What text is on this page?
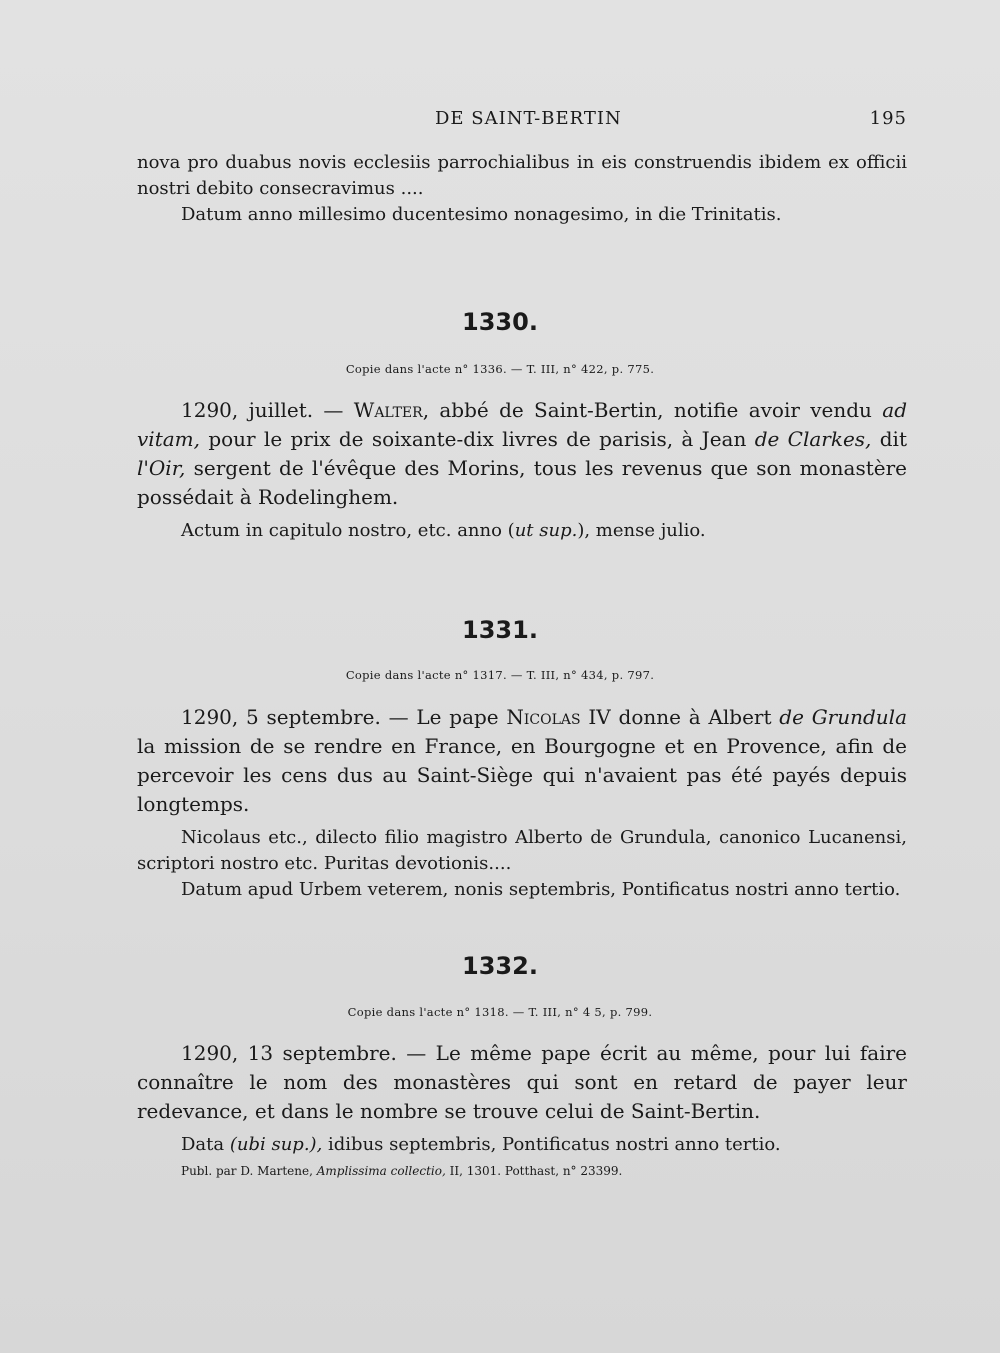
DE SAINT-BERTIN	195

nova pro duabus novis ecclesiis parrochialibus in eis construendis ibidem ex officii nostri debito consecravimus ....

Datum anno millesimo ducentesimo nonagesimo, in die Trinitatis.

1330.
Copie dans l'acte n° 1336. — T. III, n° 422, p. 775.

1290, juillet. — Walter, abbé de Saint-Bertin, notifie avoir vendu ad vitam, pour le prix de soixante-dix livres de parisis, à Jean de Clarkes, dit l'Oir, sergent de l'évêque des Morins, tous les revenus que son monastère possédait à Rodelinghem.

Actum in capitulo nostro, etc. anno (ut sup.), mense julio.

1331.
Copie dans l'acte n° 1317. — T. III, n° 434, p. 797.

1290, 5 septembre. — Le pape Nicolas IV donne à Albert de Grundula la mission de se rendre en France, en Bourgogne et en Provence, afin de percevoir les cens dus au Saint-Siège qui n'avaient pas été payés depuis longtemps.

Nicolaus etc., dilecto filio magistro Alberto de Grundula, canonico Lucanensi, scriptori nostro etc. Puritas devotionis....

Datum apud Urbem veterem, nonis septembris, Pontificatus nostri anno tertio.

1332.
Copie dans l'acte n° 1318. — T. III, n° 4 5, p. 799.

1290, 13 septembre. — Le même pape écrit au même, pour lui faire connaître le nom des monastères qui sont en retard de payer leur redevance, et dans le nombre se trouve celui de Saint-Bertin.

Data (ubi sup.), idibus septembris, Pontificatus nostri anno tertio.

Publ. par D. Martene, Amplissima collectio, II, 1301. Potthast, n° 23399.
